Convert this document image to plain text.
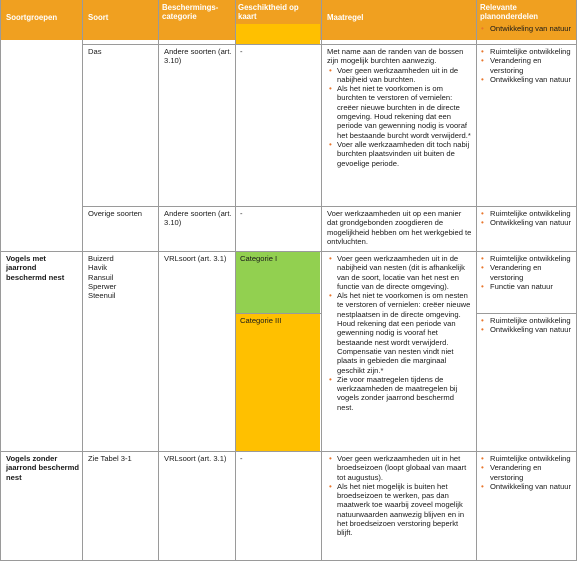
Soortgroepen	Soort
Beschermings-categorie
Geschiktheid op kaart	Maatregel
Relevante planonderdelen
• Ontwikkeling van natuur
Das	Andere soorten (art. 3.10)
-	Met name aan de randen van de bossen zijn mogelijk burchten aanwezig.
• Voer geen werkzaamheden uit in de nabijheid van burchten.
• Als het niet te voorkomen is om burchten te verstoren of vernielen: creëer nieuwe burchten in de directe omgeving. Houd rekening dat een periode van gewenning nodig is vooraf het bestaande burcht wordt verwijderd.*
• Voer alle werkzaamheden dit toch nabij burchten plaatsvinden uit buiten de gevoelige periode.
• Ruimtelijke ontwikkeling
• Verandering en verstoring
• Ontwikkeling van natuur
Overige soorten	Andere soorten (art. 3.10)
-	Voer werkzaamheden uit op een manier dat grondgebonden zoogdieren de mogelijkheid hebben om het werkgebied te ontvluchten.
• Ruimtelijke ontwikkeling
• Ontwikkeling van natuur
Vogels met jaarrond beschermd nest
Buizerd
Havik
Ransuil
Sperwer
Steenuil
VRLsoort (art. 3.1)	Categorie I
Categorie III
• Voer geen werkzaamheden uit in de nabijheid van nesten (dit is afhankelijk van de soort, locatie van het nest en functie van de directe omgeving).
• Als het niet te voorkomen is om nesten te verstoren of vernielen: creëer nieuwe nestplaatsen in de directe omgeving. Houd rekening dat een periode van gewenning nodig is vooraf het bestaande nest wordt verwijderd. Compensatie van nesten vindt niet plaats in gebieden die marginaal geschikt zijn.*
• Zie voor maatregelen tijdens de werkzaamheden de maatregelen bij vogels zonder jaarrond beschermd nest.
• Ruimtelijke ontwikkeling
• Verandering en verstoring
• Functie van natuur
• Ruimtelijke ontwikkeling
• Ontwikkeling van natuur
Vogels zonder jaarrond beschermd nest
Zie Tabel 3-1	VRLsoort (art. 3.1)	-
•	Voer geen werkzaamheden uit in het broedseizoen (loopt globaal van maart tot augustus).
• Als het niet mogelijk is buiten het broedseizoen te werken, pas dan maatwerk toe waarbij zoveel mogelijk natuurwaarden aanwezig blijven en in het broedseizoen verstoring beperkt blijft.
• Ruimtelijke ontwikkeling
• Verandering en verstoring
• Ontwikkeling van natuur
